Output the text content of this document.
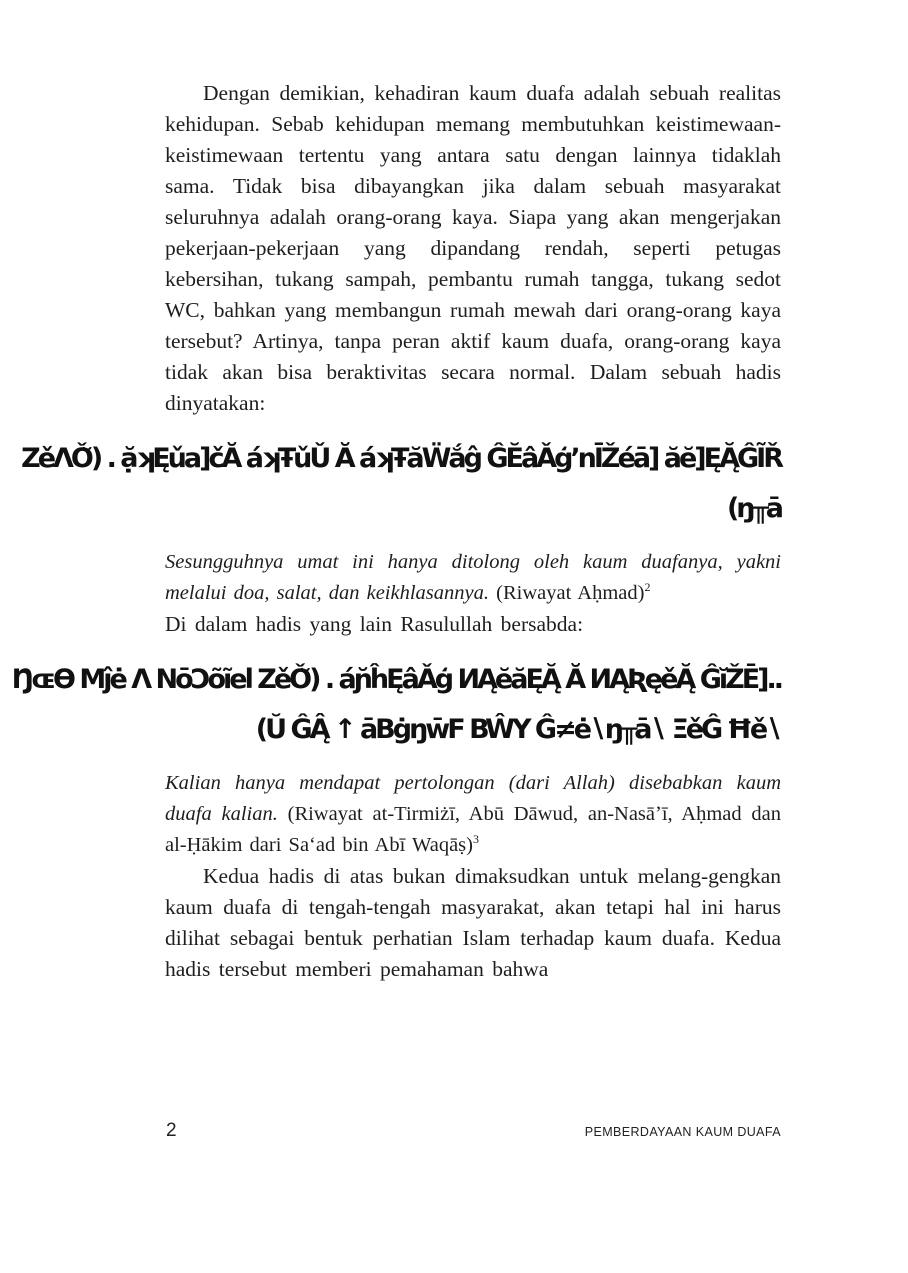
Dengan demikian, kehadiran kaum duafa adalah sebuah realitas kehidupan. Sebab kehidupan memang membutuhkan keistimewaan-keistimewaan tertentu yang antara satu dengan lainnya tidaklah sama. Tidak bisa dibayangkan jika dalam sebuah masyarakat seluruhnya adalah orang-orang kaya. Siapa yang akan mengerjakan pekerjaan-pekerjaan yang dipandang rendah, seperti petugas kebersihan, tukang sampah, pembantu rumah tangga, tukang sedot WC, bahkan yang membangun rumah mewah dari orang-orang kaya tersebut? Artinya, tanpa peran aktif kaum duafa, orang-orang kaya tidak akan bisa beraktivitas secara normal. Dalam sebuah hadis dinyatakan:

ZěΛǑ̆) . ặʞĘǔa]čĂ áʞŦǔǓ Ă áʞŦăẄắĝ ĜĔâǍģʼnĪŽéā] ăĕ]ĘĄ̆ĜĨŘ
(ŋ╥ā

Sesungguhnya umat ini hanya ditolong oleh kaum duafanya, yakni melalui doa, salat, dan keikhlasannya. (Riwayat Aḥmad)$^2$

Di dalam hadis yang lain Rasulullah bersabda:

ŊɶƟ Mĵė Λ NōƆõĩel ZěǑ̆) . áɲ̆ĥĘâǍģ ИĄĕăĘĄ̆ Ă ИĄƦęěĄ̆ ĜĭŽĒ]..
(Ŭ ĜĄ̂ ↑ āBġŋw̄F BŴY Ĝ≠ė∖ŋ╥ā∖ ΞěĜ Ħě∖

Kalian hanya mendapat pertolongan (dari Allah) disebabkan kaum duafa kalian. (Riwayat at-Tirmiżī, Abū Dāwud, an-Nasāʼī, Aḥmad dan al-Ḥākim dari Saʻad bin Abī Waqāṣ)$^3$

Kedua hadis di atas bukan dimaksudkan untuk melang-gengkan kaum duafa di tengah-tengah masyarakat, akan tetapi hal ini harus dilihat sebagai bentuk perhatian Islam terhadap kaum duafa. Kedua hadis tersebut memberi pemahaman bahwa

2	PEMBERDAYAAN KAUM DUAFA
